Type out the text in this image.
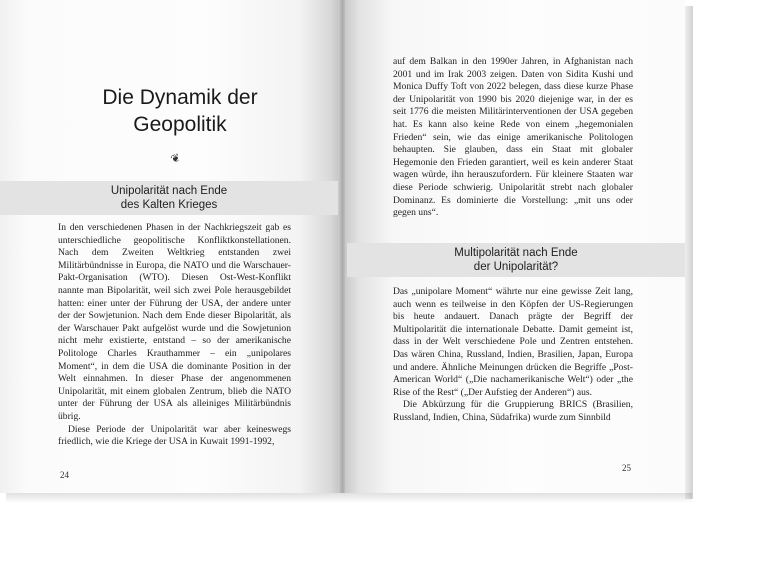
Die Dynamik der
Geopolitik
❦
Unipolarität nach Ende
des Kalten Krieges

In den verschiedenen Phasen in der Nachkriegszeit gab es unterschiedliche geopolitische Konfliktkonstellationen. Nach dem Zweiten Weltkrieg entstanden zwei Militärbündnisse in Europa, die NATO und die Warschauer-Pakt-Organisation (WTO). Diesen Ost-West-Konflikt nannte man Bipolarität, weil sich zwei Pole herausgebildet hatten: einer unter der Führung der USA, der andere unter der der Sowjetunion. Nach dem Ende dieser Bipolarität, als der Warschauer Pakt aufgelöst wurde und die Sowjetunion nicht mehr existierte, entstand – so der amerikanische Politologe Charles Krauthammer – ein „unipolares Moment“, in dem die USA die dominante Position in der Welt einnahmen. In dieser Phase der angenommenen Unipolarität, mit einem globalen Zentrum, blieb die NATO unter der Führung der USA als alleiniges Militärbündnis übrig.

Diese Periode der Unipolarität war aber keineswegs friedlich, wie die Kriege der USA in Kuwait 1991-1992,

24

auf dem Balkan in den 1990er Jahren, in Afghanistan nach 2001 und im Irak 2003 zeigen. Daten von Sidita Kushi und Monica Duffy Toft von 2022 belegen, dass diese kurze Phase der Unipolarität von 1990 bis 2020 diejenige war, in der es seit 1776 die meisten Militärinterventionen der USA gegeben hat. Es kann also keine Rede von einem „hegemonialen Frieden“ sein, wie das einige amerikanische Politologen behaupten. Sie glauben, dass ein Staat mit globaler Hegemonie den Frieden garantiert, weil es kein anderer Staat wagen würde, ihn herauszufordern. Für kleinere Staaten war diese Periode schwierig. Unipolarität strebt nach globaler Dominanz. Es dominierte die Vorstellung: „mit uns oder gegen uns“.

Multipolarität nach Ende
der Unipolarität?

Das „unipolare Moment“ währte nur eine gewisse Zeit lang, auch wenn es teilweise in den Köpfen der US-Regierungen bis heute andauert. Danach prägte der Begriff der Multipolarität die internationale Debatte. Damit gemeint ist, dass in der Welt verschiedene Pole und Zentren entstehen. Das wären China, Russland, Indien, Brasilien, Japan, Europa und andere. Ähnliche Meinungen drücken die Begriffe „Post-American World“ („Die nachamerikanische Welt“) oder „the Rise of the Rest“ („Der Aufstieg der Anderen“) aus.

Die Abkürzung für die Gruppierung BRICS (Brasilien, Russland, Indien, China, Südafrika) wurde zum Sinnbild

25
